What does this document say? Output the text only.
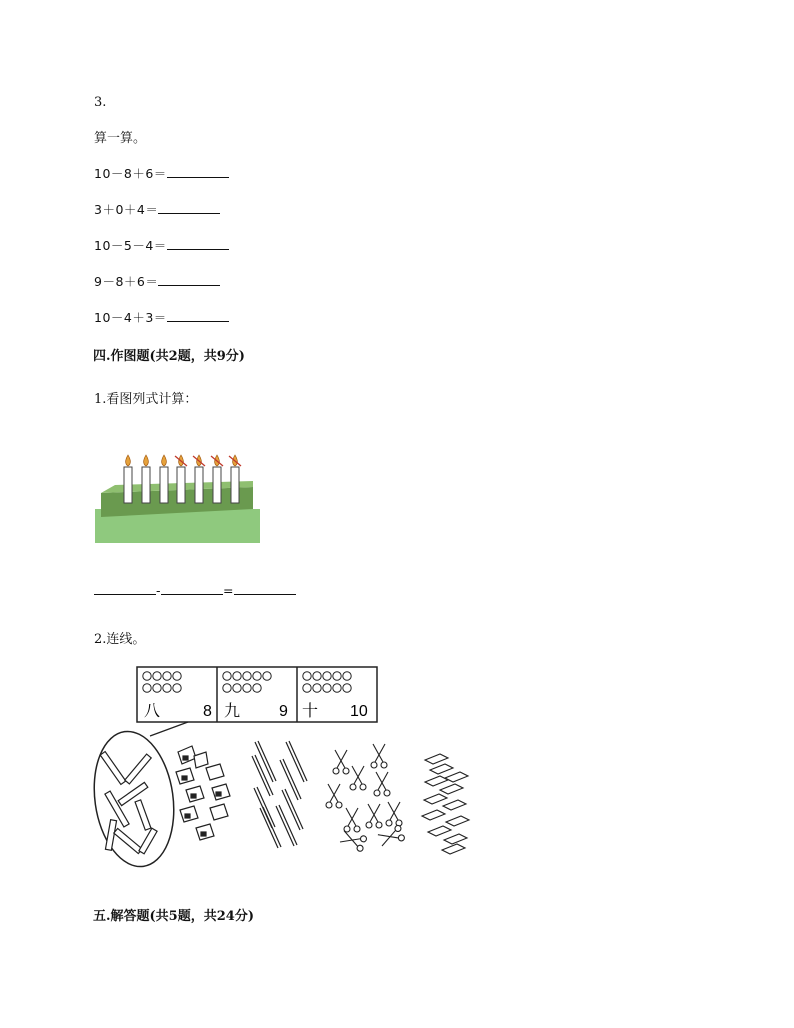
3.
算一算。
10－8＋6＝
3＋0＋4＝
10－5－4＝
9－8＋6＝
10－4＋3＝
四.作图题(共2题，共9分)
1.看图列式计算：
-	=
2.连线。
八	8 九 9 十 10
五.解答题(共5题，共24分)
